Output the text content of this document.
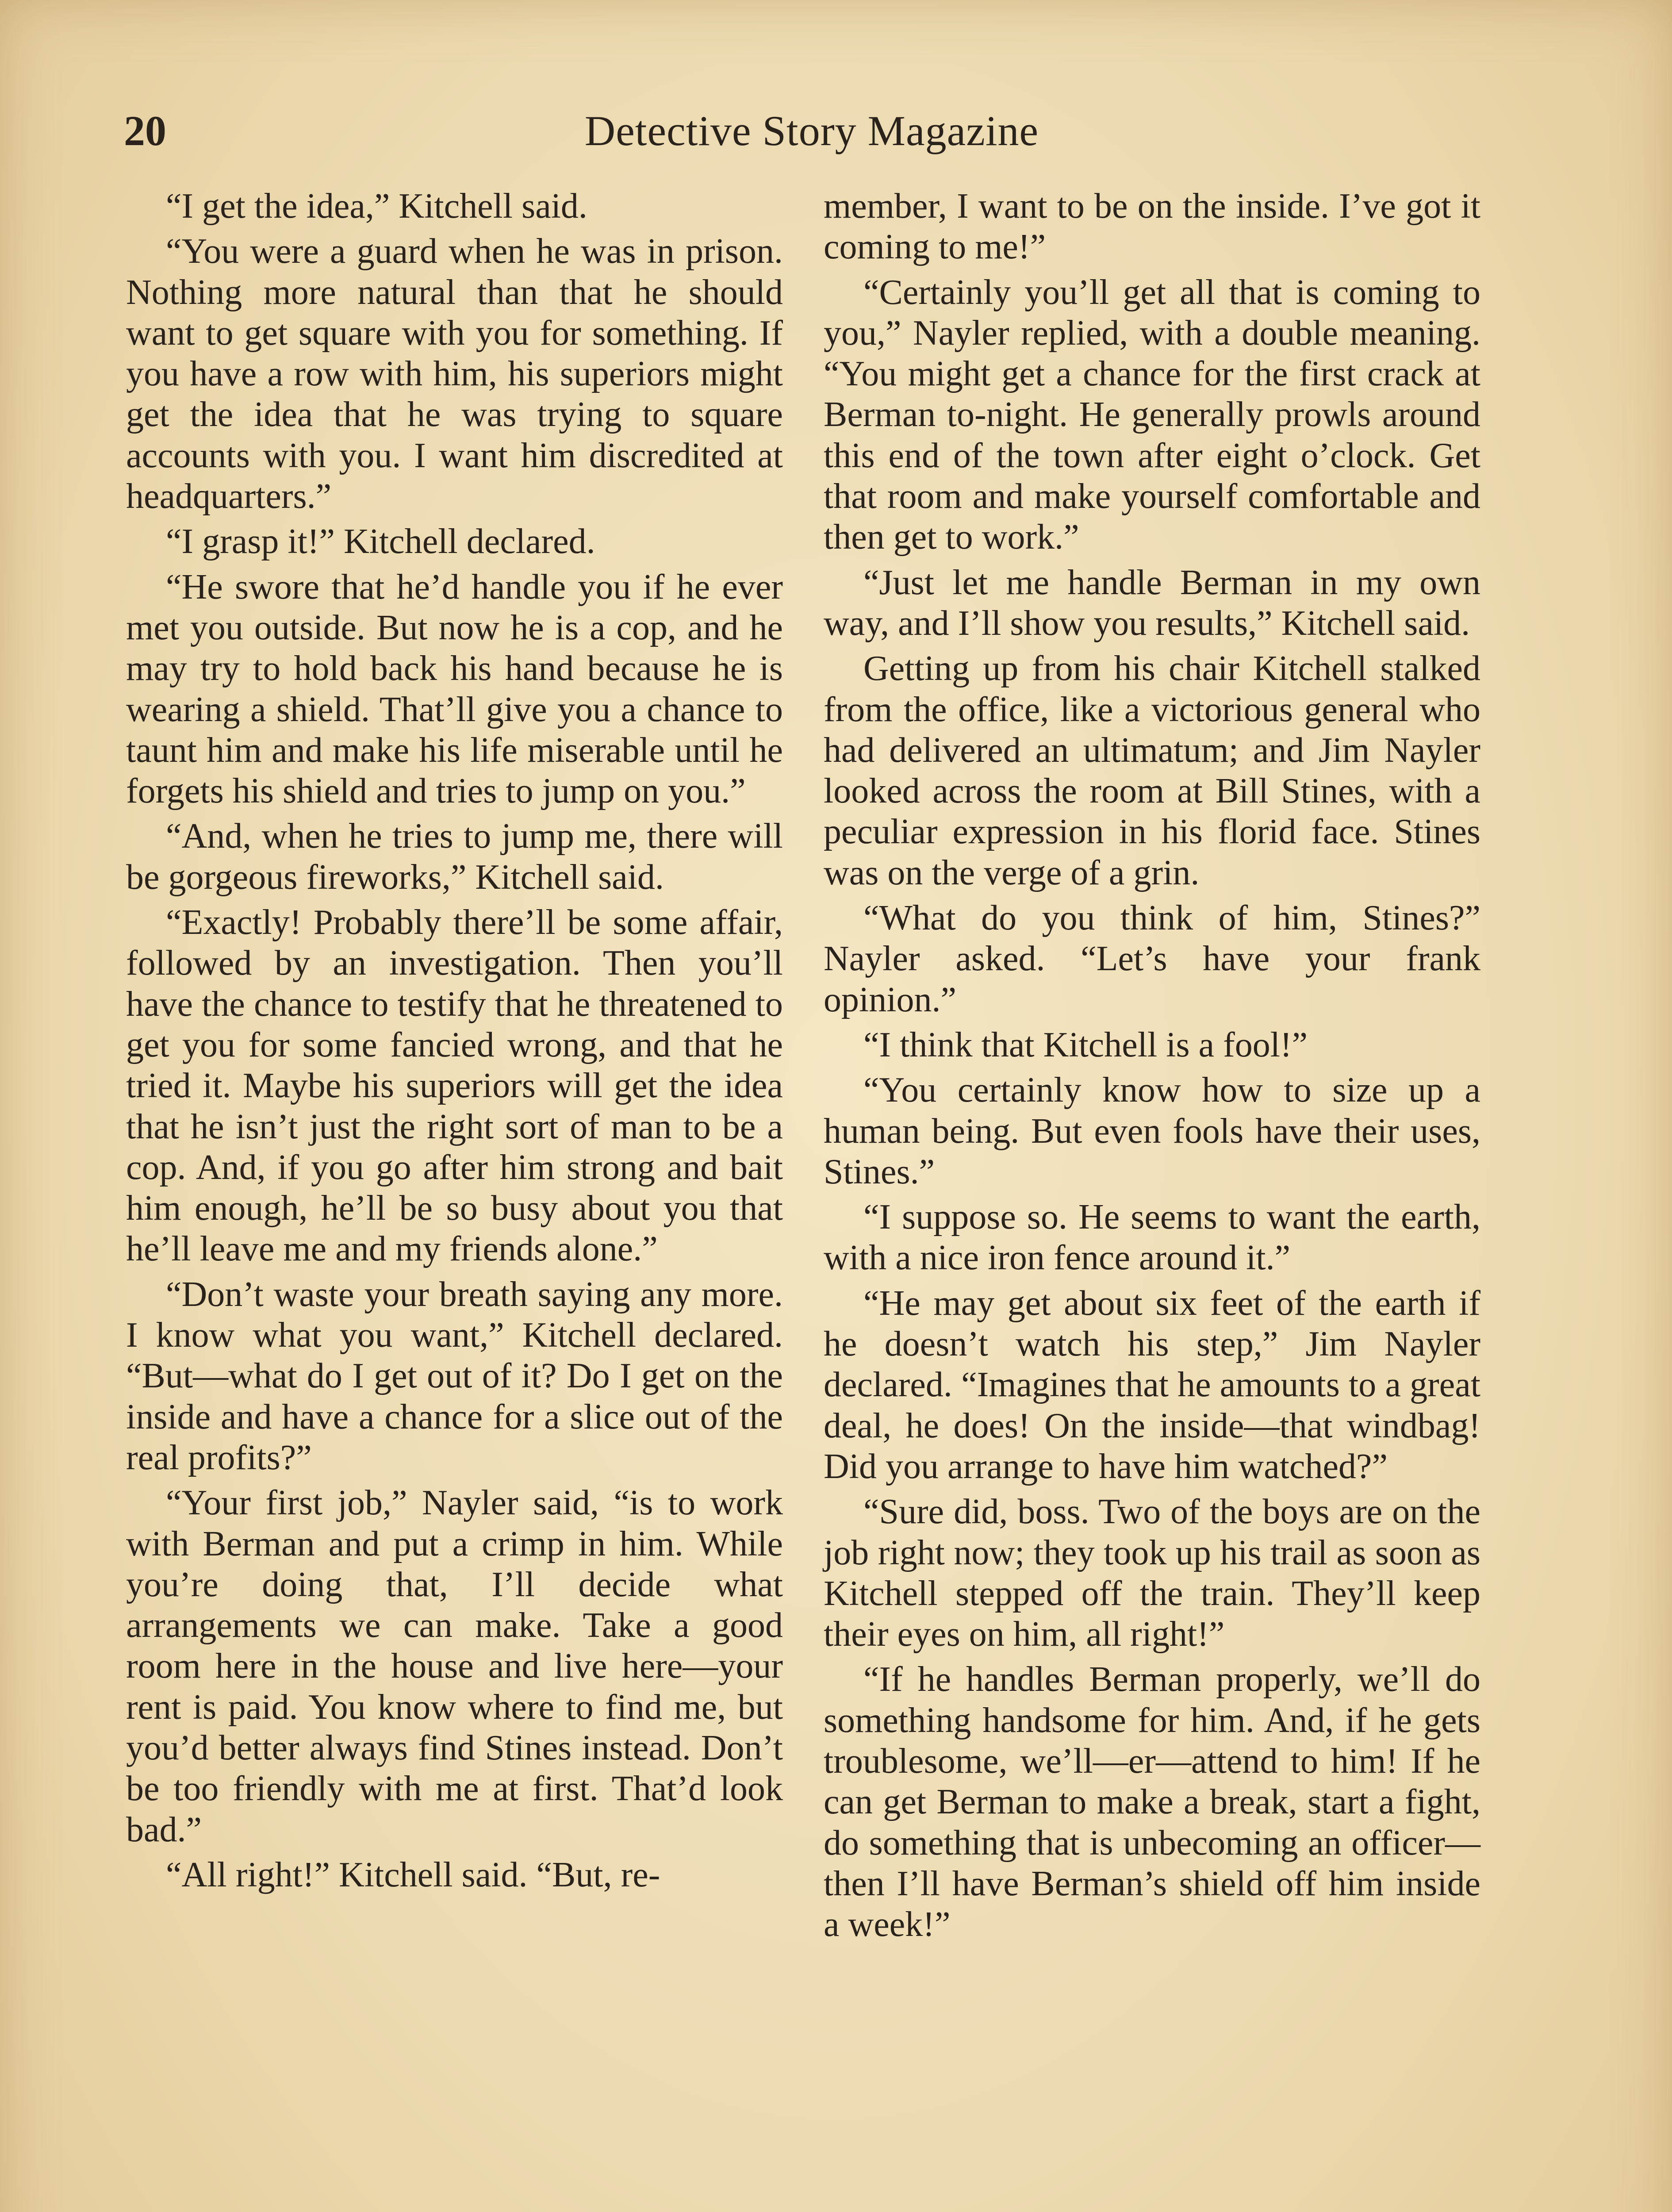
20	Detective Story Magazine

“I get the idea,” Kitchell said.

“You were a guard when he was in prison. Nothing more natural than that he should want to get square with you for something. If you have a row with him, his superiors might get the idea that he was trying to square accounts with you. I want him discredited at headquarters.”

“I grasp it!” Kitchell declared.

“He swore that he’d handle you if he ever met you outside. But now he is a cop, and he may try to hold back his hand because he is wearing a shield. That’ll give you a chance to taunt him and make his life miserable until he forgets his shield and tries to jump on you.”

“And, when he tries to jump me, there will be gorgeous fireworks,” Kitchell said.

“Exactly! Probably there’ll be some affair, followed by an investigation. Then you’ll have the chance to testify that he threatened to get you for some fancied wrong, and that he tried it. Maybe his superiors will get the idea that he isn’t just the right sort of man to be a cop. And, if you go after him strong and bait him enough, he’ll be so busy about you that he’ll leave me and my friends alone.”

“Don’t waste your breath saying any more. I know what you want,” Kitchell declared. “But—what do I get out of it? Do I get on the inside and have a chance for a slice out of the real profits?”

“Your first job,” Nayler said, “is to work with Berman and put a crimp in him. While you’re doing that, I’ll decide what arrangements we can make. Take a good room here in the house and live here—your rent is paid. You know where to find me, but you’d better always find Stines instead. Don’t be too friendly with me at first. That’d look bad.”

“All right!” Kitchell said. “But, re-

member, I want to be on the inside. I’ve got it coming to me!”

“Certainly you’ll get all that is coming to you,” Nayler replied, with a double meaning. “You might get a chance for the first crack at Berman to-night. He generally prowls around this end of the town after eight o’clock. Get that room and make yourself comfortable and then get to work.”

“Just let me handle Berman in my own way, and I’ll show you results,” Kitchell said.

Getting up from his chair Kitchell stalked from the office, like a victorious general who had delivered an ultimatum; and Jim Nayler looked across the room at Bill Stines, with a peculiar expression in his florid face. Stines was on the verge of a grin.

“What do you think of him, Stines?” Nayler asked. “Let’s have your frank opinion.”

“I think that Kitchell is a fool!”

“You certainly know how to size up a human being. But even fools have their uses, Stines.”

“I suppose so. He seems to want the earth, with a nice iron fence around it.”

“He may get about six feet of the earth if he doesn’t watch his step,” Jim Nayler declared. “Imagines that he amounts to a great deal, he does! On the inside—that windbag! Did you arrange to have him watched?”

“Sure did, boss. Two of the boys are on the job right now; they took up his trail as soon as Kitchell stepped off the train. They’ll keep their eyes on him, all right!”

“If he handles Berman properly, we’ll do something handsome for him. And, if he gets troublesome, we’ll—er—attend to him! If he can get Berman to make a break, start a fight, do something that is unbecoming an officer—then I’ll have Berman’s shield off him inside a week!”
